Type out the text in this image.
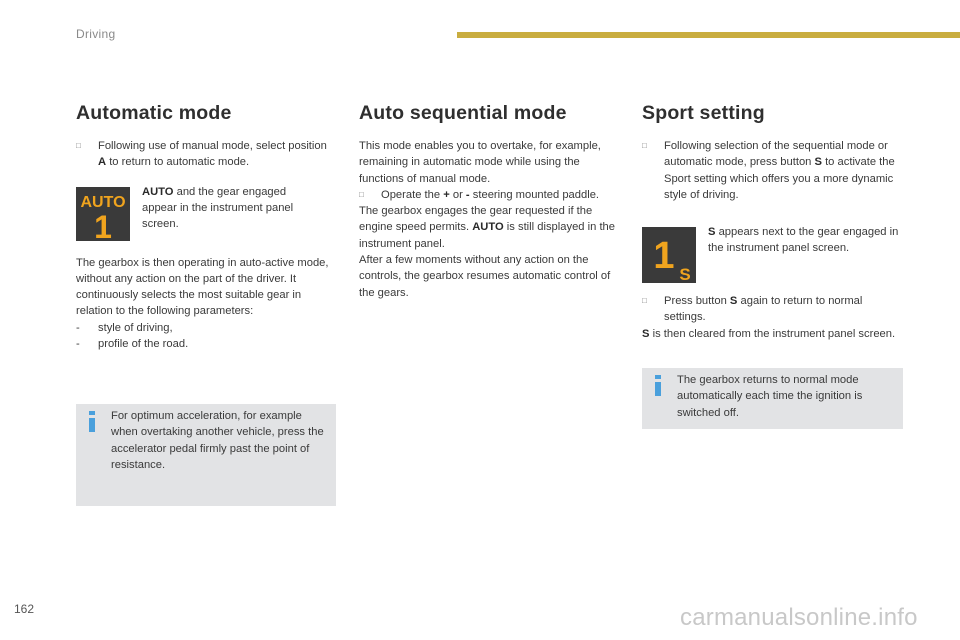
Driving
Automatic mode

□	Following use of manual mode, select position A to return to automatic mode.

AUTO
1

AUTO and the gear engaged appear in the instrument panel screen.

The gearbox is then operating in auto-active mode, without any action on the part of the driver. It continuously selects the most suitable gear in relation to the following parameters:

- style of driving,

- profile of the road.

For optimum acceleration, for example when overtaking another vehicle, press the accelerator pedal firmly past the point of resistance.

Auto sequential mode

This mode enables you to overtake, for example, remaining in automatic mode while using the functions of manual mode.

□	Operate the + or - steering mounted paddle.

The gearbox engages the gear requested if the engine speed permits. AUTO is still displayed in the instrument panel.

After a few moments without any action on the controls, the gearbox resumes automatic control of the gears.

Sport setting

□	Following selection of the sequential mode or automatic mode, press button S to activate the Sport setting which offers you a more dynamic style of driving.

1 S

S appears next to the gear engaged in the instrument panel screen.

□	Press button S again to return to normal settings.

S is then cleared from the instrument panel screen.

The gearbox returns to normal mode automatically each time the ignition is switched off.

162	carmanualsonline.info
